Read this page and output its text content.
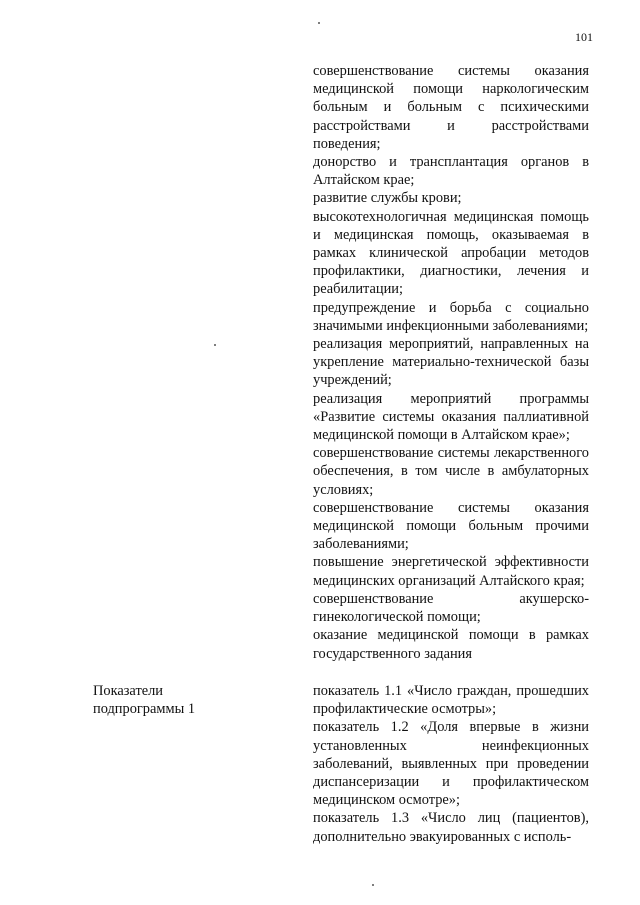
101

совершенствование системы оказания медицинской помощи наркологическим больным и больным с психическими расстройствами и расстройствами поведения;

донорство и трансплантация органов в Алтайском крае;

развитие службы крови;

высокотехнологичная медицинская помощь и медицинская помощь, оказываемая в рамках клинической апробации методов профилактики, диагностики, лечения и реабилитации;

предупреждение и борьба с социально значимыми инфекционными заболеваниями;

реализация мероприятий, направленных на укрепление материально-технической базы учреждений;

реализация мероприятий программы «Развитие системы оказания паллиативной медицинской помощи в Алтайском крае»;

совершенствование системы лекарственного обеспечения, в том числе в амбулаторных условиях;

совершенствование системы оказания медицинской помощи больным прочими заболеваниями;

повышение энергетической эффективности медицинских организаций Алтайского края;

совершенствование акушерско-гинекологической помощи;

оказание медицинской помощи в рамках государственного задания

Показатели подпрограммы 1

показатель 1.1 «Число граждан, прошедших профилактические осмотры»;

показатель 1.2 «Доля впервые в жизни установленных неинфекционных заболеваний, выявленных при проведении диспансеризации и профилактическом медицинском осмотре»;

показатель 1.3 «Число лиц (пациентов), дополнительно эвакуированных с исполь-
